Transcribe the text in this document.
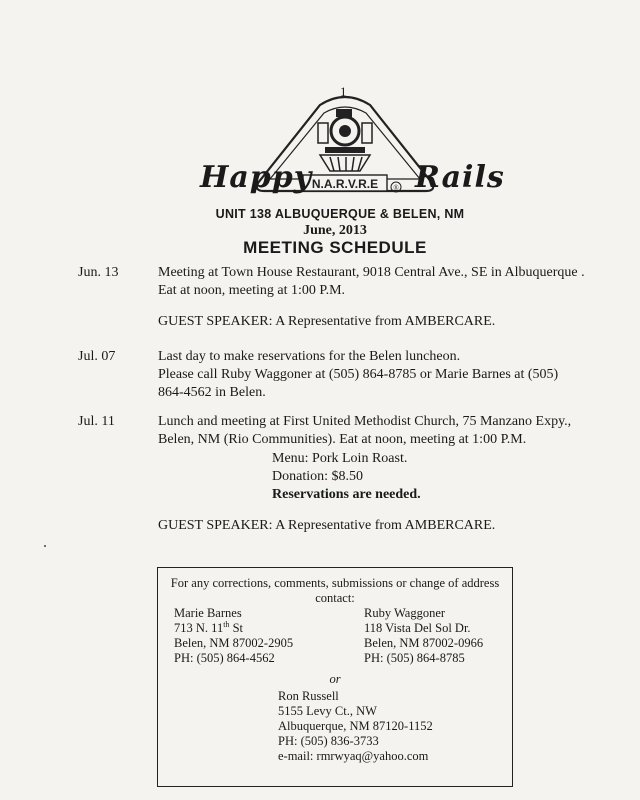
1
N.A.R.V.R.E ®
Happy	Rails
UNIT 138 ALBUQUERQUE & BELEN, NM
June, 2013
MEETING SCHEDULE
Jun. 13	Meeting at Town House Restaurant, 9018 Central Ave., SE in Albuquerque .
Eat at noon, meeting at 1:00 P.M.
GUEST SPEAKER: A Representative from AMBERCARE.
Jul. 07	Last day to make reservations for the Belen luncheon.
Please call Ruby Waggoner at (505) 864-8785 or Marie Barnes at (505)
864-4562 in Belen.
Jul. 11	Lunch and meeting at First United Methodist Church, 75 Manzano Expy.,
Belen, NM (Rio Communities). Eat at noon, meeting at 1:00 P.M.
Menu: Pork Loin Roast.
Donation: $8.50
Reservations are needed.
GUEST SPEAKER: A Representative from AMBERCARE.
For any corrections, comments, submissions or change of address
contact:
Marie Barnes
713 N. 11th St
Belen, NM 87002-2905
PH: (505) 864-4562
Ruby Waggoner
118 Vista Del Sol Dr.
Belen, NM 87002-0966
PH: (505) 864-8785
or
Ron Russell
5155 Levy Ct., NW
Albuquerque, NM 87120-1152
PH: (505) 836-3733
e-mail: rmrwyaq@yahoo.com
